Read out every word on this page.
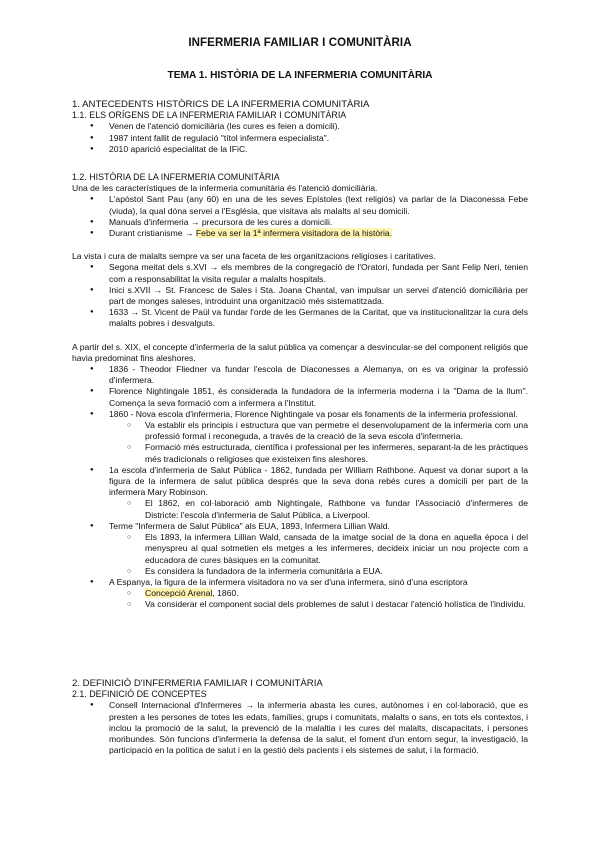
INFERMERIA FAMILIAR I COMUNITÀRIA
TEMA 1. HISTÒRIA DE LA INFERMERIA COMUNITÀRIA

1. ANTECEDENTS HISTÒRICS DE LA INFERMERIA COMUNITÀRIA

1.1. ELS ORÍGENS DE LA INFERMERIA FAMILIAR I COMUNITÀRIA

● Venen de l'atenció domiciliària (les cures es feien a domicili).

● 1987 intent fallit de regulació "títol infermera especialista".

● 2010 aparició especialitat de la IFiC.

1.2. HISTÒRIA DE LA INFERMERIA COMUNITÀRIA

Una de les característiques de la infermeria comunitària és l'atenció domiciliària.

● L'apòstol Sant Pau (any 60) en una de les seves Epístoles (text religiós) va parlar de la Diaconessa Febe (viuda), la qual dóna servei a l'Església, que visitava als malalts al seu domicili.

● Manuals d'infermeria → precursora de les cures a domicili.

● Durant cristianisme → Febe va ser la 1ª infermera visitadora de la història.

La vista i cura de malalts sempre va ser una faceta de les organitzacions religioses i caritatives.

● Segona meitat dels s.XVI → els membres de la congregació de l'Oratori, fundada per Sant Felip Neri, tenien com a responsabilitat la visita regular a malalts hospitals.

● Inici s.XVII → St. Francesc de Sales i Sta. Joana Chantal, van impulsar un servei d'atenció domiciliària per part de monges saleses, introduint una organització més sistematitzada.

● 1633 → St. Vicent de Paül va fundar l'orde de les Germanes de la Caritat, que va institucionalitzar la cura dels malalts pobres i desvalguts.

A partir del s. XIX, el concepte d'infermeria de la salut pública va començar a desvincular-se del component religiós que havia predominat fins aleshores.

● 1836 - Theodor Fliedner va fundar l'escola de Diaconesses a Alemanya, on es va originar la professió d'infermera.

● Florence Nightingale 1851, és considerada la fundadora de la infermeria moderna i la "Dama de la llum". Comença la seva formació com a infermera a l'Institut.

● 1860 - Nova escola d'infermeria, Florence Nightingale va posar els fonaments de la infermeria professional.

○ Va establir els principis i estructura que van permetre el desenvolupament de la infermeria com una professió formal i reconeguda, a través de la creació de la seva escola d'infermeria.

○ Formació més estructurada, científica i professional per les infermeres, separant-la de les pràctiques més tradicionals o religioses que existeixen fins aleshores.

● 1a escola d'infermeria de Salut Pública - 1862, fundada per William Rathbone. Aquest va donar suport a la figura de la infermera de salut pública després que la seva dona rebés cures a domicili per part de la infermera Mary Robinson.

○ El 1862, en col·laboració amb Nightingale, Rathbone va fundar l'Associació d'infermeres de Districte: l'escola d'infermeria de Salut Pública, a Liverpool.

● Terme "Infermera de Salut Pública" als EUA, 1893, Infermera Lillian Wald.

○ Els 1893, la infermera Lillian Wald, cansada de la imatge social de la dona en aquella època i del menyspreu al qual sotmetien els metges a les infermeres, decideix iniciar un nou projecte com a educadora de cures bàsiques en la comunitat.

○ Es considera la fundadora de la infermeria comunitària a EUA.

● A Espanya, la figura de la infermera visitadora no va ser d'una infermera, sinó d'una escriptora

○ Concepció Arenal, 1860.

○ Va considerar el component social dels problemes de salut i destacar l'atenció holística de l'individu.

2. DEFINICIÓ D'INFERMERIA FAMILIAR I COMUNITÀRIA

2.1. DEFINICIÓ DE CONCEPTES

● Consell Internacional d'Infermeres → la infermeria abasta les cures, autònomes i en col·laboració, que es presten a les persones de totes les edats, famílies, grups i comunitats, malalts o sans, en tots els contextos, i inclou la promoció de la salut, la prevenció de la malaltia i les cures del malalts, discapacitats, i persones moribundes. Són funcions d'infermeria la defensa de la salut, el foment d'un entorn segur, la investigació, la participació en la política de salut i en la gestió dels pacients i els sistemes de salut, i la formació.
